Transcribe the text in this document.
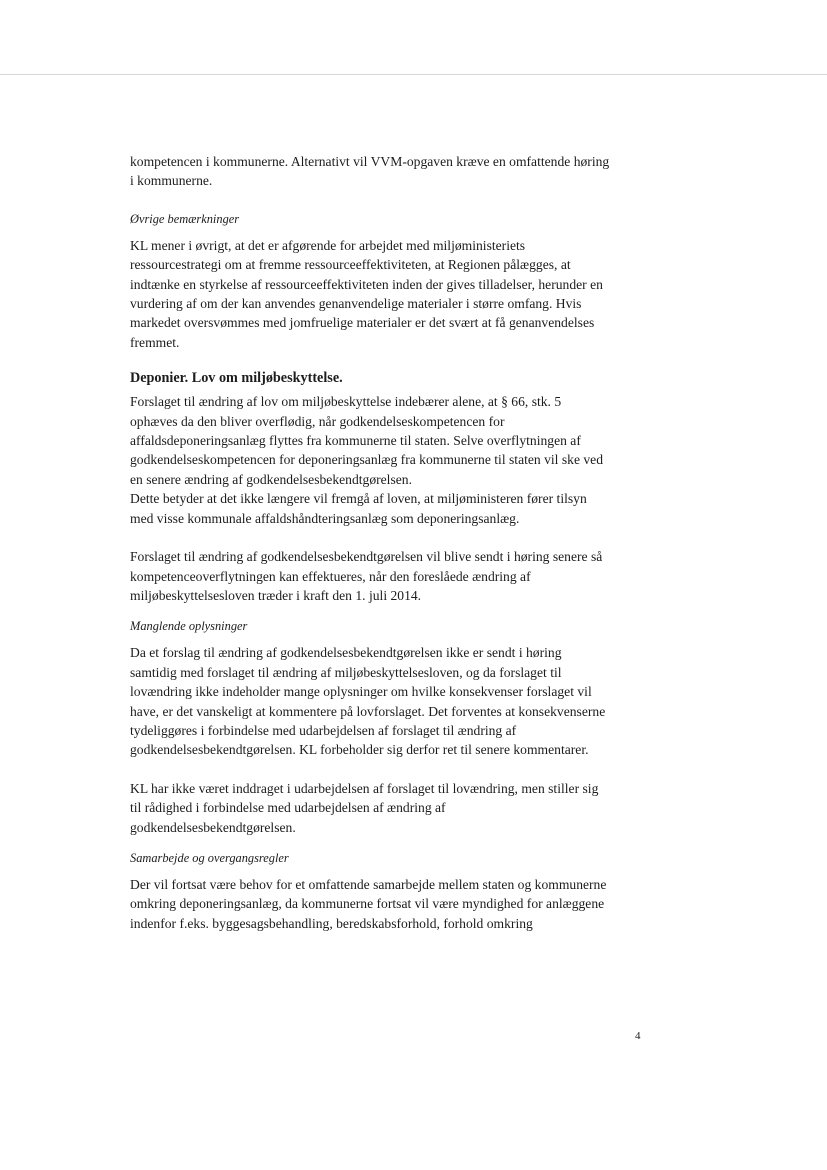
kompetencen i kommunerne. Alternativt vil VVM-opgaven kræve en omfattende høring i kommunerne.

Øvrige bemærkninger

KL mener i øvrigt, at det er afgørende for arbejdet med miljøministeriets ressourcestrategi om at fremme ressourceeffektiviteten, at Regionen pålægges, at indtænke en styrkelse af ressourceeffektiviteten inden der gives tilladelser, herunder en vurdering af om der kan anvendes genanvendelige materialer i større omfang. Hvis markedet oversvømmes med jomfruelige materialer er det svært at få genanvendelses fremmet.

Deponier. Lov om miljøbeskyttelse.

Forslaget til ændring af lov om miljøbeskyttelse indebærer alene, at § 66, stk. 5 ophæves da den bliver overflødig, når godkendelseskompetencen for affaldsdeponeringsanlæg flyttes fra kommunerne til staten. Selve overflytningen af godkendelseskompetencen for deponeringsanlæg fra kommunerne til staten vil ske ved en senere ændring af godkendelsesbekendtgørelsen.

Dette betyder at det ikke længere vil fremgå af loven, at miljøministeren fører tilsyn med visse kommunale affaldshåndteringsanlæg som deponeringsanlæg.

Forslaget til ændring af godkendelsesbekendtgørelsen vil blive sendt i høring senere så kompetenceoverflytningen kan effektueres, når den foreslåede ændring af miljøbeskyttelsesloven træder i kraft den 1. juli 2014.

Manglende oplysninger

Da et forslag til ændring af godkendelsesbekendtgørelsen ikke er sendt i høring samtidig med forslaget til ændring af miljøbeskyttelsesloven, og da forslaget til lovændring ikke indeholder mange oplysninger om hvilke konsekvenser forslaget vil have, er det vanskeligt at kommentere på lovforslaget. Det forventes at konsekvenserne tydeliggøres i forbindelse med udarbejdelsen af forslaget til ændring af godkendelsesbekendtgørelsen. KL forbeholder sig derfor ret til senere kommentarer.

KL har ikke været inddraget i udarbejdelsen af forslaget til lovændring, men stiller sig til rådighed i forbindelse med udarbejdelsen af ændring af godkendelsesbekendtgørelsen.

Samarbejde og overgangsregler

Der vil fortsat være behov for et omfattende samarbejde mellem staten og kommunerne omkring deponeringsanlæg, da kommunerne fortsat vil være myndighed for anlæggene indenfor f.eks. byggesagsbehandling, beredskabsforhold, forhold omkring

4
